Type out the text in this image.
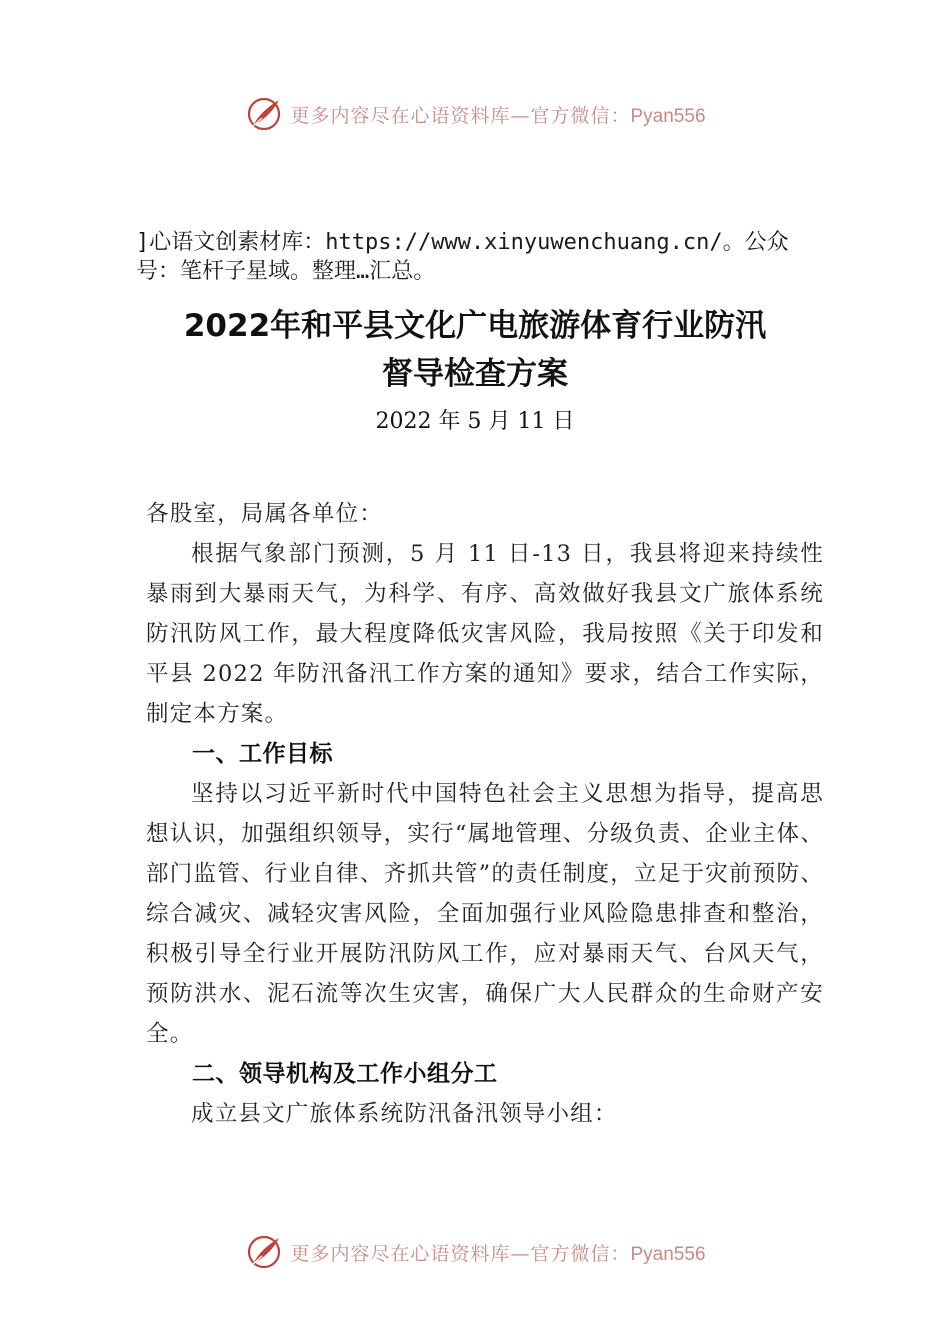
更多内容尽在心语资料库—官方微信：Pyan556
]心语文创素材库：https://www.xinyuwenchuang.cn/。公众号：笔杆子星域。整理…汇总。
2022年和平县文化广电旅游体育行业防汛
督导检查方案
2022 年 5 月 11 日

各股室，局属各单位：

根据气象部门预测，5 月 11 日-13 日，我县将迎来持续性暴雨到大暴雨天气，为科学、有序、高效做好我县文广旅体系统防汛防风工作，最大程度降低灾害风险，我局按照《关于印发和平县 2022 年防汛备汛工作方案的通知》要求，结合工作实际，制定本方案。

一、工作目标

坚持以习近平新时代中国特色社会主义思想为指导，提高思想认识，加强组织领导，实行“属地管理、分级负责、企业主体、部门监管、行业自律、齐抓共管”的责任制度，立足于灾前预防、综合减灾、减轻灾害风险，全面加强行业风险隐患排查和整治，积极引导全行业开展防汛防风工作，应对暴雨天气、台风天气，预防洪水、泥石流等次生灾害，确保广大人民群众的生命财产安全。

二、领导机构及工作小组分工

成立县文广旅体系统防汛备汛领导小组：

更多内容尽在心语资料库—官方微信：Pyan556
